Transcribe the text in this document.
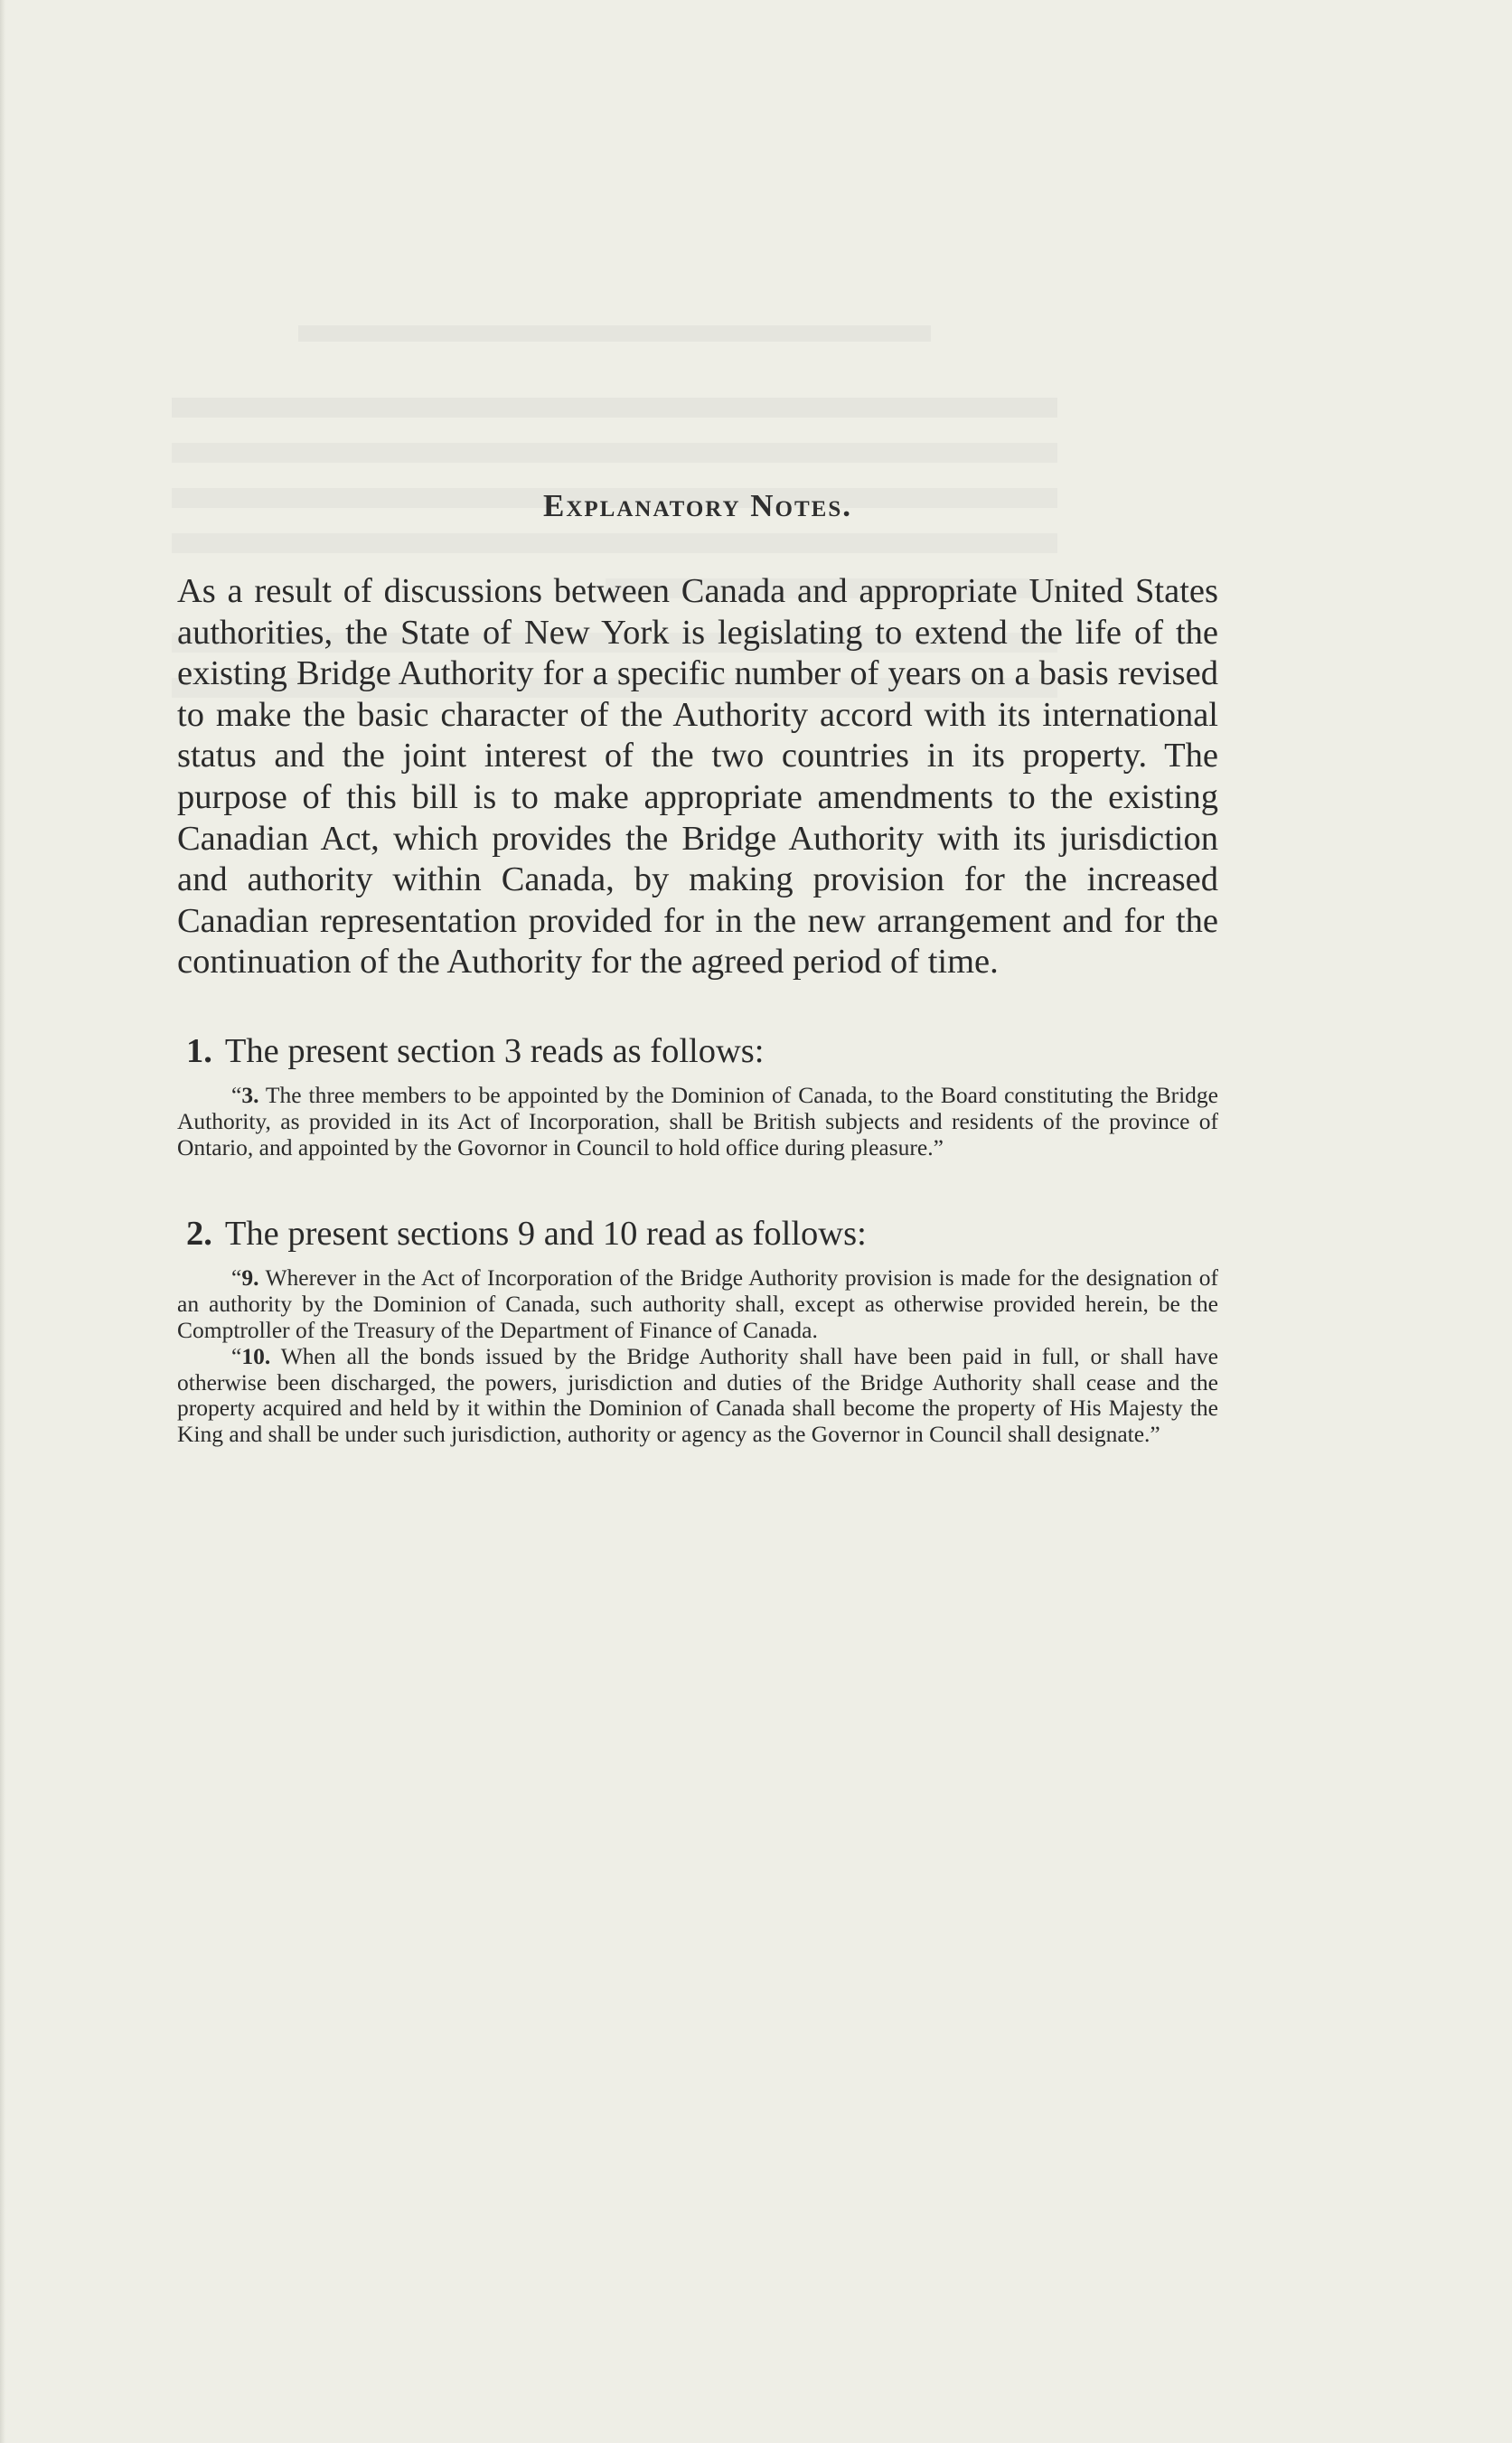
Explanatory Notes.

As a result of discussions between Canada and appropriate United States authorities, the State of New York is legislating to extend the life of the existing Bridge Authority for a specific number of years on a basis revised to make the basic character of the Authority accord with its international status and the joint interest of the two countries in its property. The purpose of this bill is to make appropriate amendments to the existing Canadian Act, which provides the Bridge Authority with its jurisdiction and authority within Canada, by making provision for the increased Canadian representation provided for in the new arrangement and for the continuation of the Authority for the agreed period of time.

1. The present section 3 reads as follows:

“3. The three members to be appointed by the Dominion of Canada, to the Board constituting the Bridge Authority, as provided in its Act of Incorporation, shall be British subjects and residents of the province of Ontario, and appointed by the Govornor in Council to hold office during pleasure.”

2. The present sections 9 and 10 read as follows:

“9. Wherever in the Act of Incorporation of the Bridge Authority provision is made for the designation of an authority by the Dominion of Canada, such authority shall, except as otherwise provided herein, be the Comptroller of the Treasury of the Department of Finance of Canada.

“10. When all the bonds issued by the Bridge Authority shall have been paid in full, or shall have otherwise been discharged, the powers, jurisdiction and duties of the Bridge Authority shall cease and the property acquired and held by it within the Dominion of Canada shall become the property of His Majesty the King and shall be under such jurisdiction, authority or agency as the Governor in Council shall designate.”
